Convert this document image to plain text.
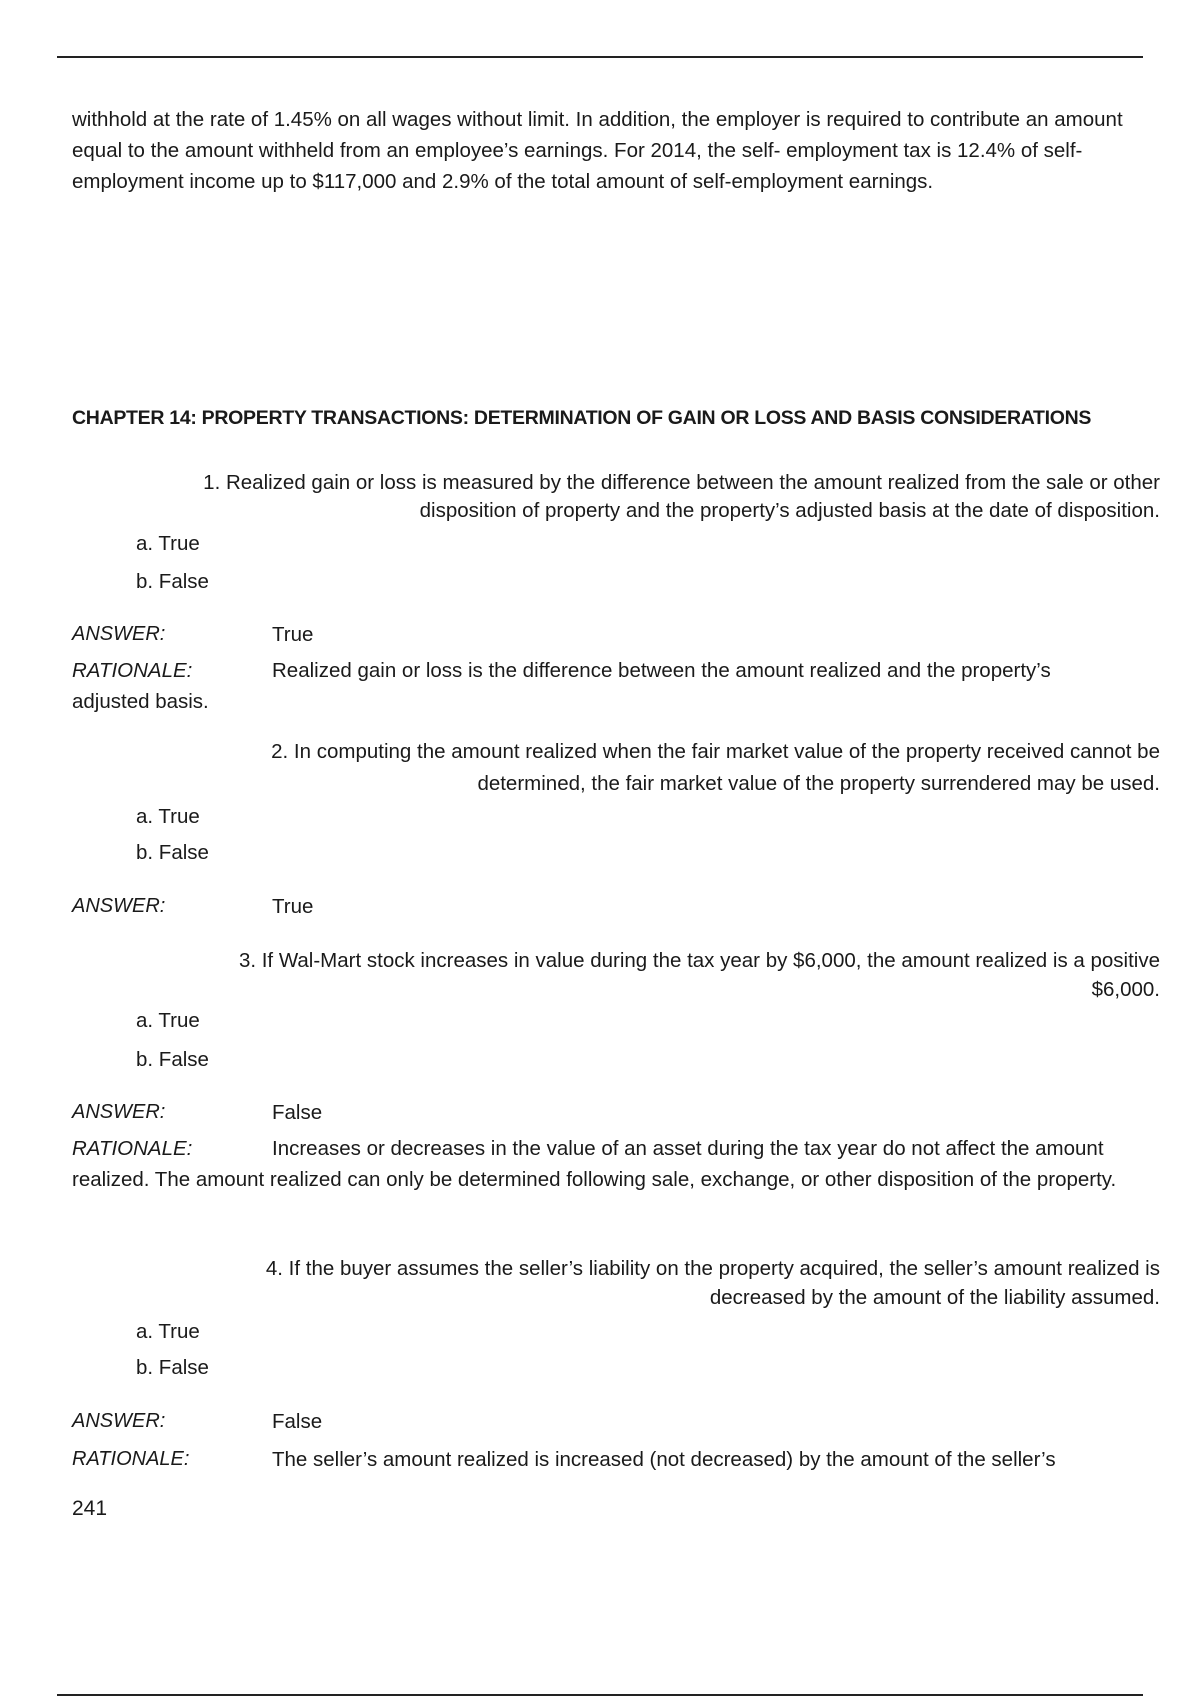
withhold at the rate of 1.45% on all wages without limit. In addition, the employer is required to contribute an amount equal to the amount withheld from an employee’s earnings. For 2014, the self- employment tax is 12.4% of self-employment income up to $117,000 and 2.9% of the total amount of self-employment earnings.

CHAPTER 14: PROPERTY TRANSACTIONS: DETERMINATION OF GAIN OR LOSS AND BASIS CONSIDERATIONS

1. Realized gain or loss is measured by the difference between the amount realized from the sale or other

disposition of property and the property’s adjusted basis at the date of disposition.

a. True

b. False

ANSWER:	True

RATIONALE:	Realized gain or loss is the difference between the amount realized and the property’s adjusted basis.

2. In computing the amount realized when the fair market value of the property received cannot be

determined, the fair market value of the property surrendered may be used.

a. True

b. False

ANSWER:	True

3. If Wal-Mart stock increases in value during the tax year by $6,000, the amount realized is a positive

$6,000.

a. True

b. False

ANSWER:	False

RATIONALE:	Increases or decreases in the value of an asset during the tax year do not affect the amount realized. The amount realized can only be determined following sale, exchange, or other disposition of the property.

4. If the buyer assumes the seller’s liability on the property acquired, the seller’s amount realized is

decreased by the amount of the liability assumed.

a. True

b. False

ANSWER:	False

RATIONALE:	The seller’s amount realized is increased (not decreased) by the amount of the seller’s

241
